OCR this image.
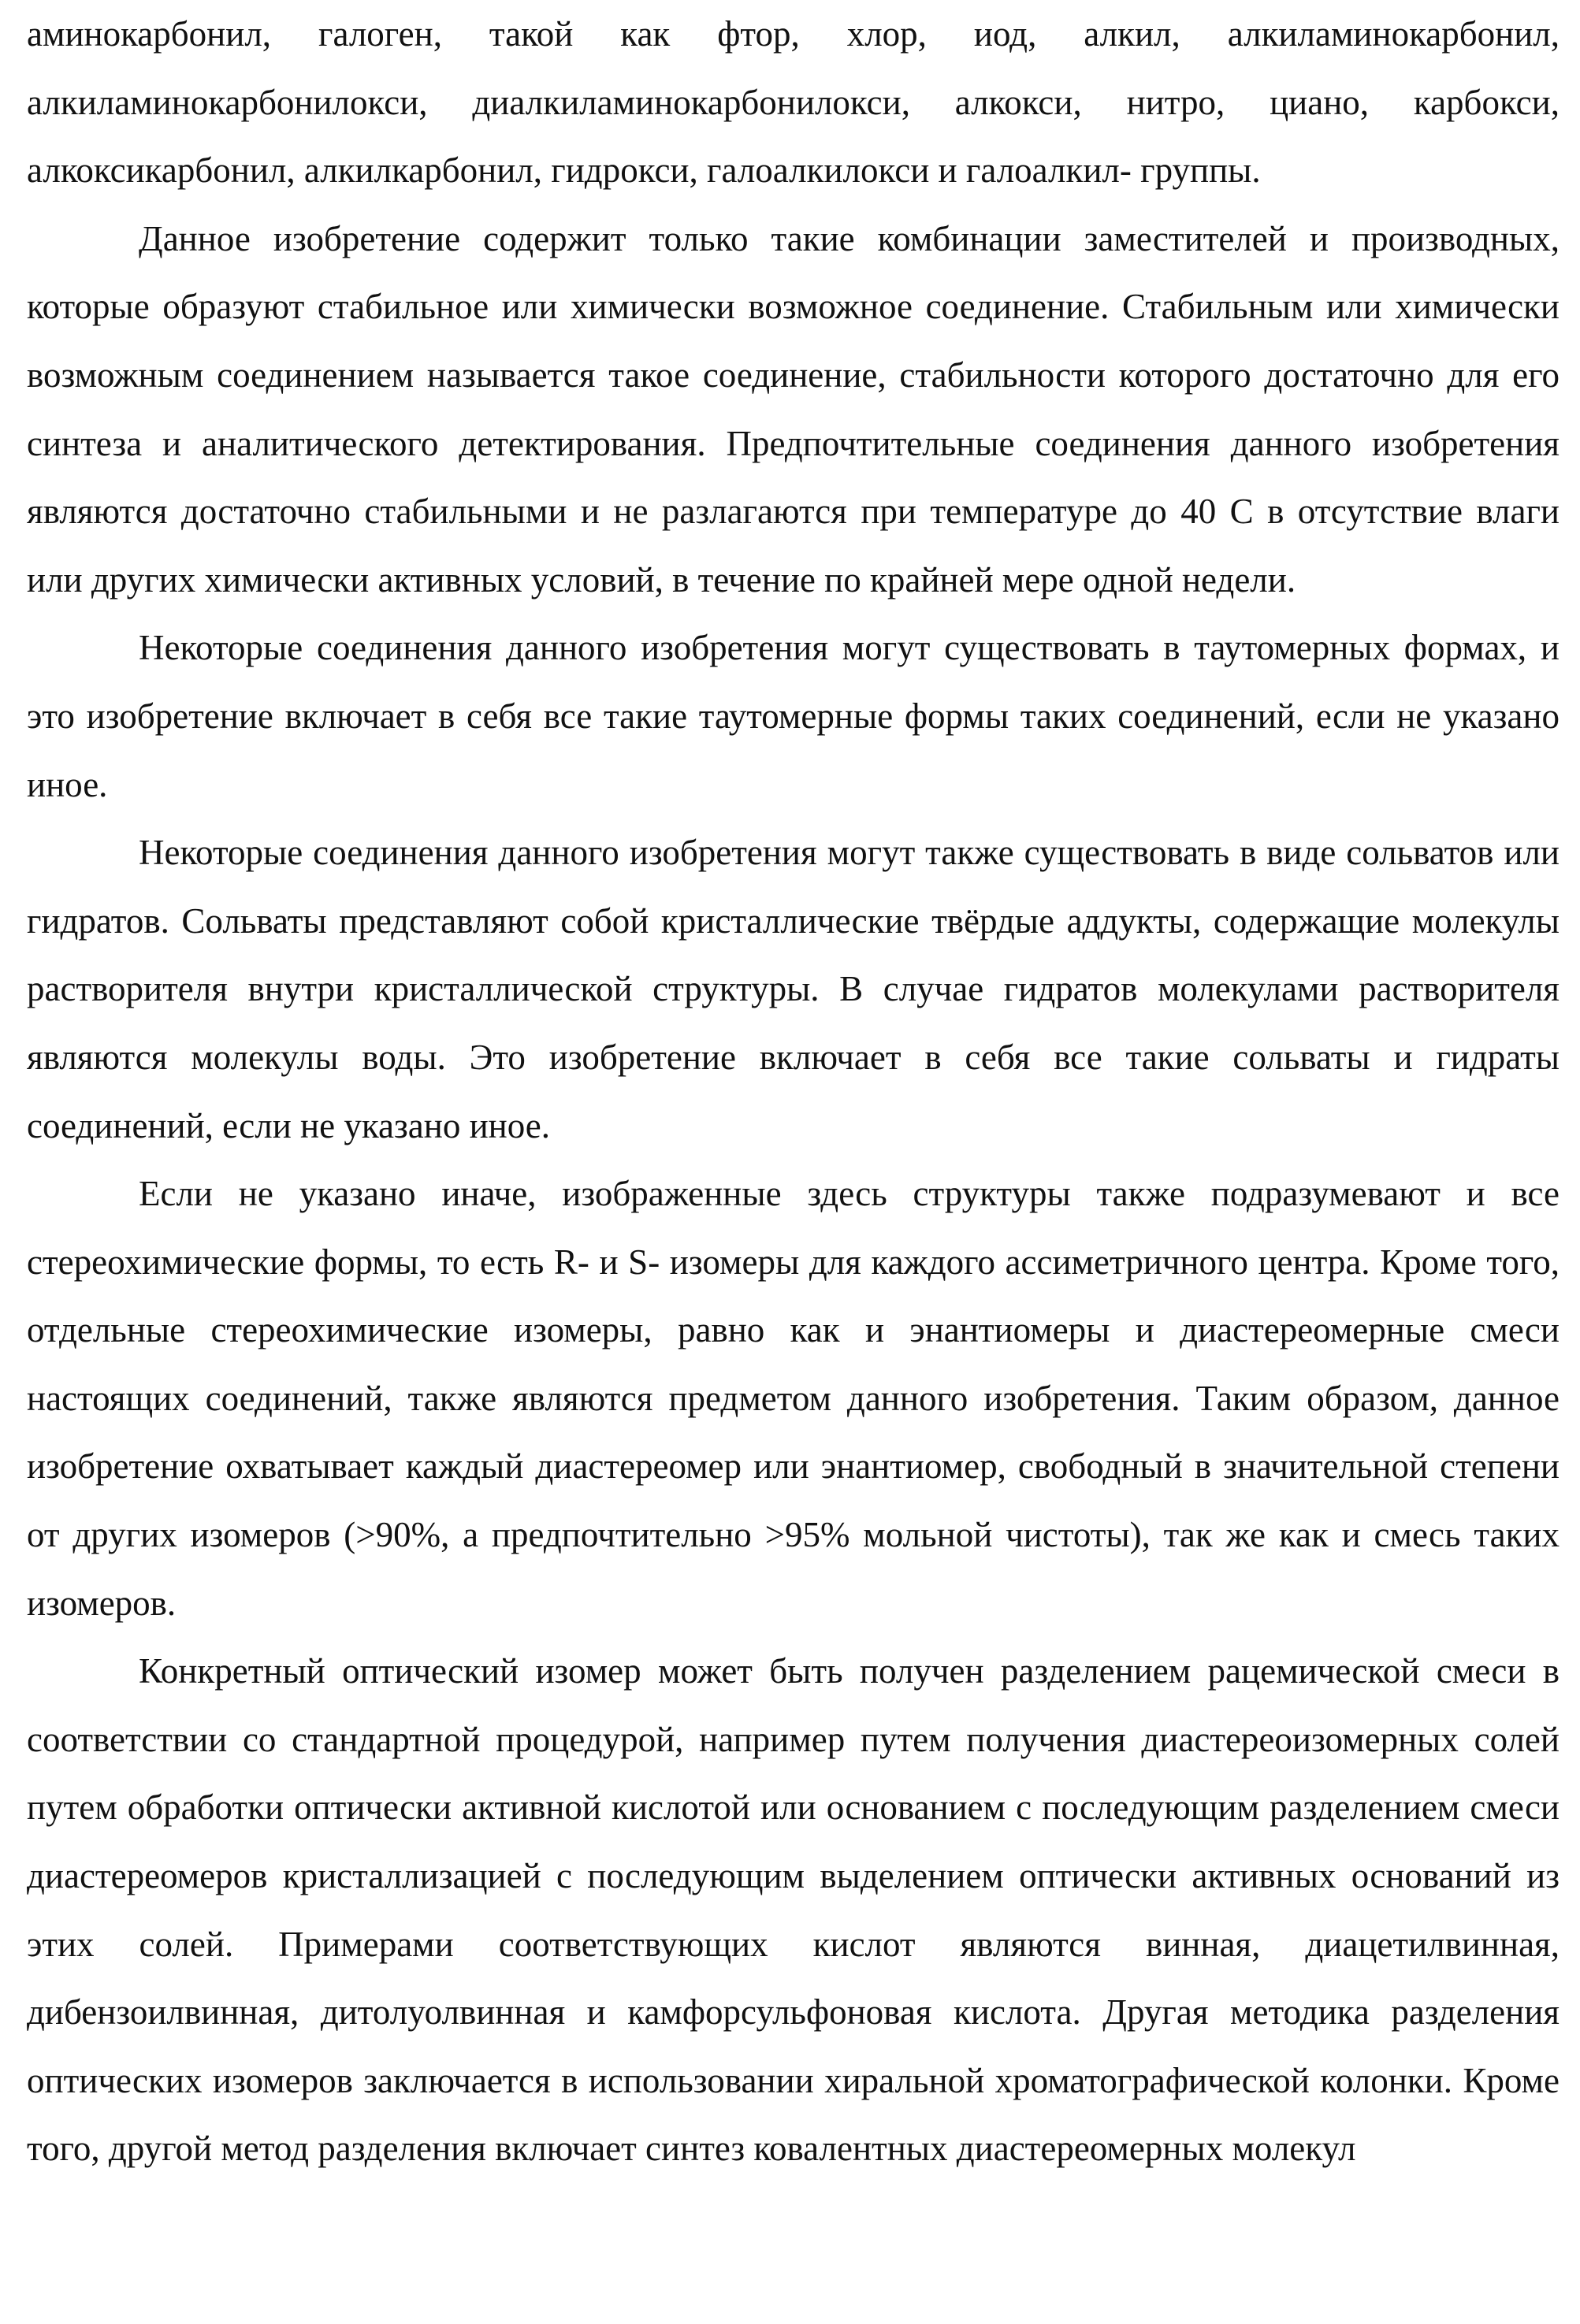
аминокарбонил, галоген, такой как фтор, хлор, иод, алкил, алкиламинокарбонил, алкиламинокарбонилокси, диалкиламинокарбонилокси, алкокси, нитро, циано, карбокси, алкоксикарбонил, алкилкарбонил, гидрокси, галоалкилокси и галоалкил- группы.

Данное изобретение содержит только такие комбинации заместителей и производных, которые образуют стабильное или химически возможное соединение. Стабильным или химически возможным соединением называется такое соединение, стабильности которого достаточно для его синтеза и аналитического детектирования. Предпочтительные соединения данного изобретения являются достаточно стабильными и не разлагаются при температуре до 40 С в отсутствие влаги или других химически активных условий, в течение по крайней мере одной недели.

Некоторые соединения данного изобретения могут существовать в таутомерных формах, и это изобретение включает в себя все такие таутомерные формы таких соединений, если не указано иное.

Некоторые соединения данного изобретения могут также существовать в виде сольватов или гидратов. Сольваты представляют собой кристаллические твёрдые аддукты, содержащие молекулы растворителя внутри кристаллической структуры. В случае гидратов молекулами растворителя являются молекулы воды. Это изобретение включает в себя все такие сольваты и гидраты соединений, если не указано иное.

Если не указано иначе, изображенные здесь структуры также подразумевают и все стереохимические формы, то есть R- и S- изомеры для каждого ассиметричного центра. Кроме того, отдельные стереохимические изомеры, равно как и энантиомеры и диастереомерные смеси настоящих соединений, также являются предметом данного изобретения. Таким образом, данное изобретение охватывает каждый диастереомер или энантиомер, свободный в значительной степени от других изомеров (>90%, а предпочтительно >95% мольной чистоты), так же как и смесь таких изомеров.

Конкретный оптический изомер может быть получен разделением рацемической смеси в соответствии со стандартной процедурой, например путем получения диастереоизомерных солей путем обработки оптически активной кислотой или основанием с последующим разделением смеси диастереомеров кристаллизацией с последующим выделением оптически активных оснований из этих солей. Примерами соответствующих кислот являются винная, диацетилвинная, дибензоилвинная, дитолуолвинная и камфорсульфоновая кислота. Другая методика разделения оптических изомеров заключается в использовании хиральной хроматографической колонки. Кроме того, другой метод разделения включает синтез ковалентных диастереомерных молекул
